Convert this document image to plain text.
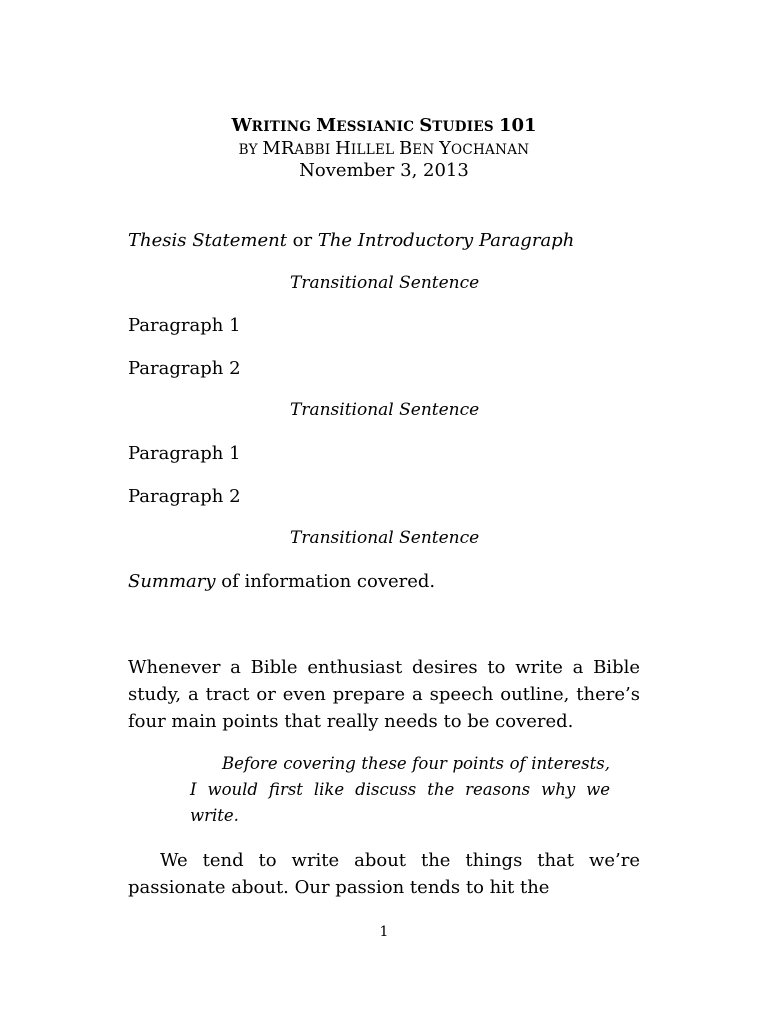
WRITING MESSIANIC STUDIES 101
BY MRABBI HILLEL BEN YOCHANAN
November 3, 2013
Thesis Statement or The Introductory Paragraph
Transitional Sentence
Paragraph 1
Paragraph 2
Transitional Sentence
Paragraph 1
Paragraph 2
Transitional Sentence
Summary of information covered.
Whenever a Bible enthusiast desires to write a Bible study, a tract or even prepare a speech outline, there’s four main points that really needs to be covered.
Before covering these four points of interests, I would first like discuss the reasons why we write.
We tend to write about the things that we’re passionate about. Our passion tends to hit the
1
